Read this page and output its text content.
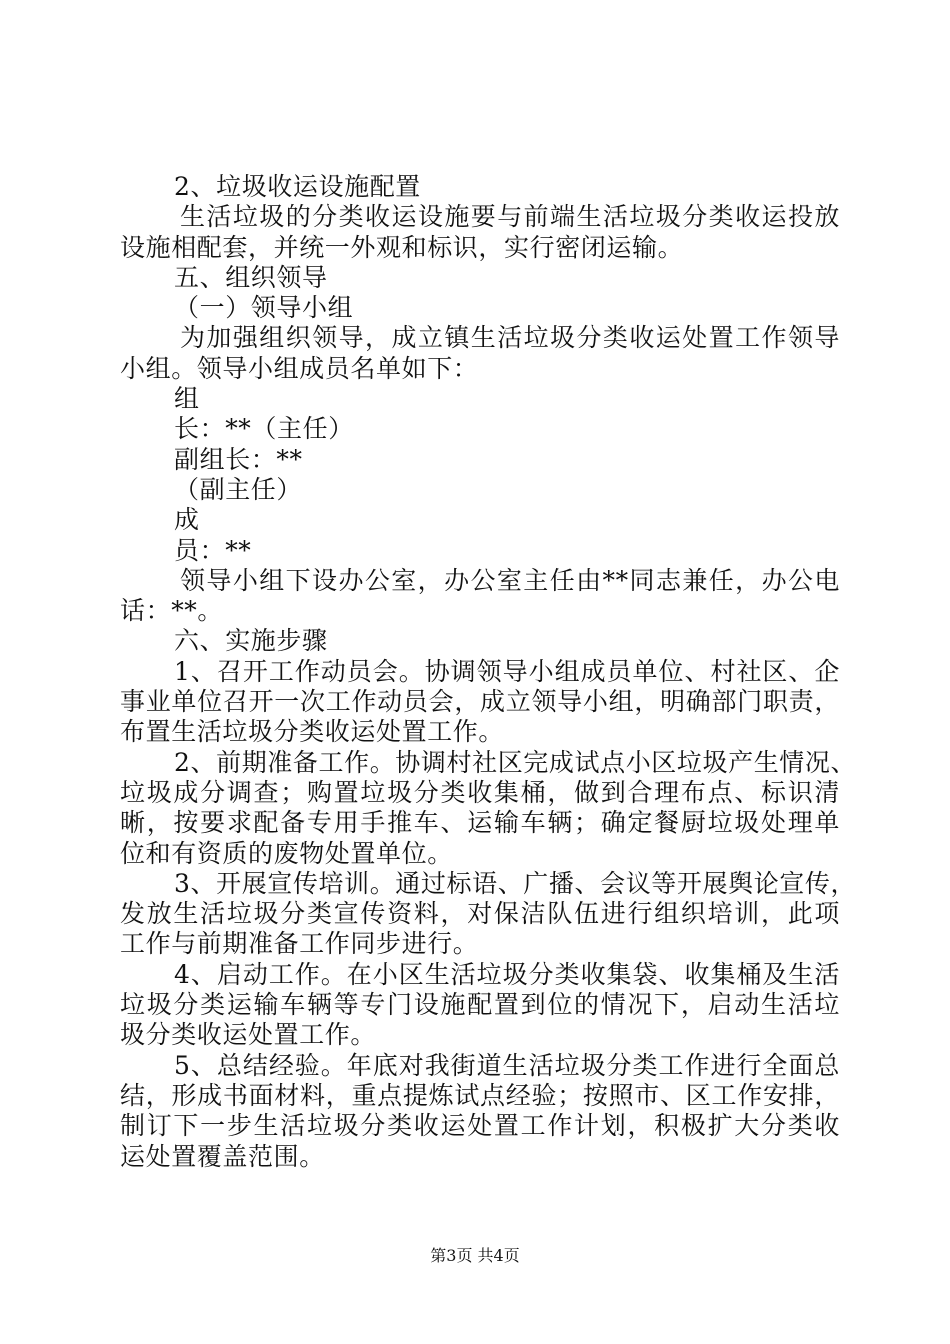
2、垃圾收运设施配置
生活垃圾的分类收运设施要与前端生活垃圾分类收运投放
设施相配套，并统一外观和标识，实行密闭运输。
五、组织领导
（一）领导小组
为加强组织领导，成立镇生活垃圾分类收运处置工作领导
小组。领导小组成员名单如下：
组
长：**（主任）
副组长：**
（副主任）
成
员：**
领导小组下设办公室，办公室主任由**同志兼任，办公电
话：**。
六、实施步骤
1、召开工作动员会。协调领导小组成员单位、村社区、企
事业单位召开一次工作动员会，成立领导小组，明确部门职责，
布置生活垃圾分类收运处置工作。
2、前期准备工作。协调村社区完成试点小区垃圾产生情况、
垃圾成分调查；购置垃圾分类收集桶，做到合理布点、标识清
晰，按要求配备专用手推车、运输车辆；确定餐厨垃圾处理单
位和有资质的废物处置单位。
3、开展宣传培训。通过标语、广播、会议等开展舆论宣传，
发放生活垃圾分类宣传资料，对保洁队伍进行组织培训，此项
工作与前期准备工作同步进行。
4、启动工作。在小区生活垃圾分类收集袋、收集桶及生活
垃圾分类运输车辆等专门设施配置到位的情况下，启动生活垃
圾分类收运处置工作。
5、总结经验。年底对我街道生活垃圾分类工作进行全面总
结，形成书面材料，重点提炼试点经验；按照市、区工作安排，
制订下一步生活垃圾分类收运处置工作计划，积极扩大分类收
运处置覆盖范围。
第3页 共4页
